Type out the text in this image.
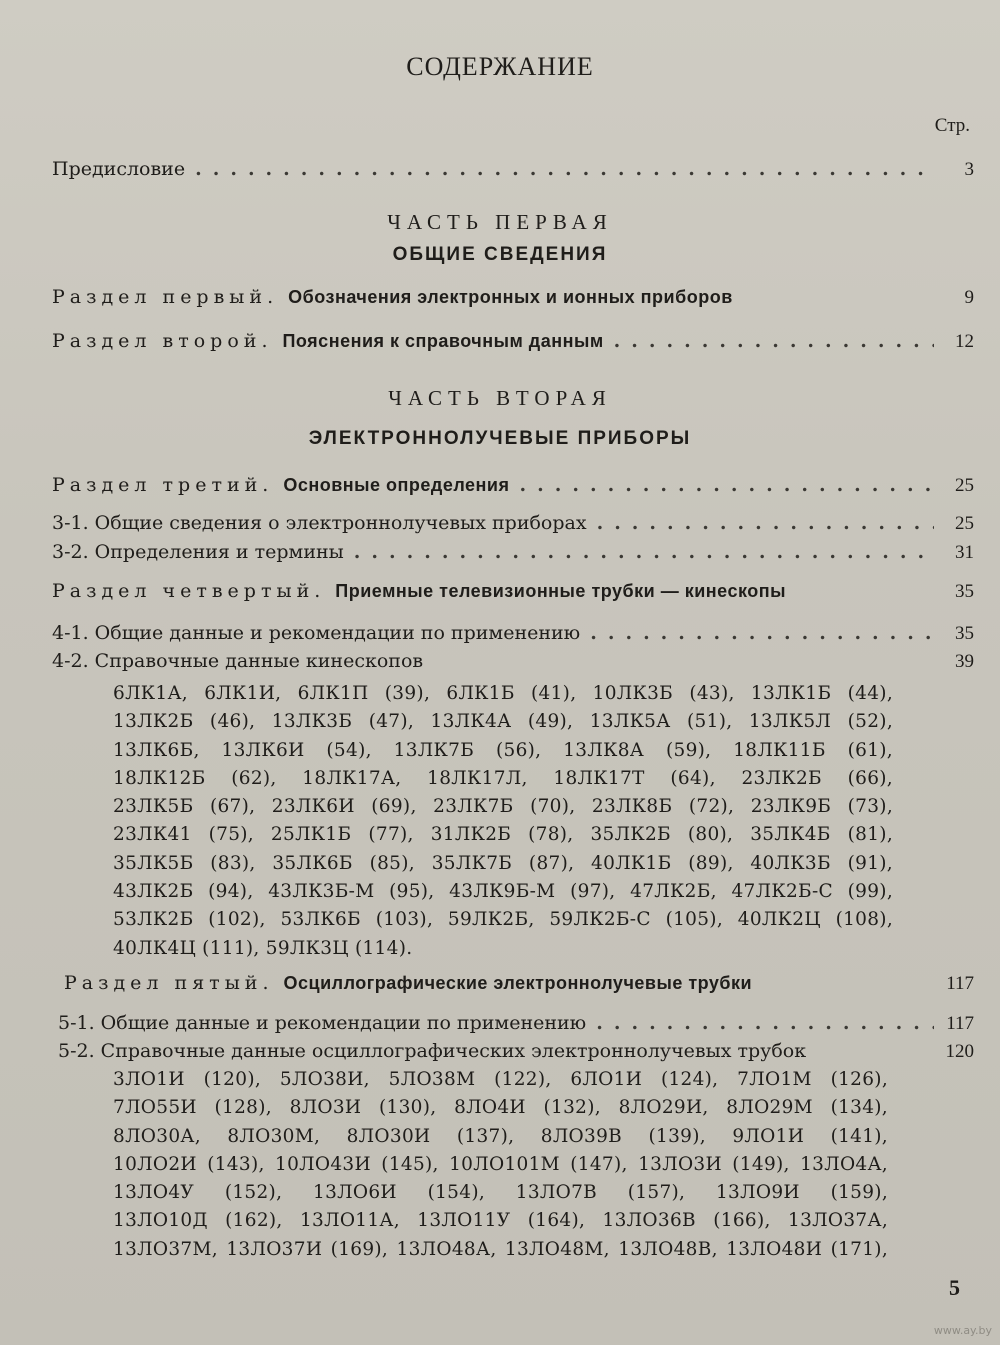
СОДЕРЖАНИЕ
Стр.
Предисловие .....	3
ЧАСТЬ ПЕРВАЯ
ОБЩИЕ СВЕДЕНИЯ
Раздел первый. Обозначения электронных и ионных приборов	9
Раздел второй. Пояснения к справочным данным .....	12
ЧАСТЬ ВТОРАЯ
ЭЛЕКТРОННОЛУЧЕВЫЕ ПРИБОРЫ
Раздел третий. Основные определения .....	25
3-1. Общие сведения о электроннолучевых приборах .....	25
3-2. Определения и термины .....	31
Раздел четвертый. Приемные телевизионные трубки — кинескопы	35
4-1. Общие данные и рекомендации по применению .....	35
4-2. Справочные данные кинескопов	39
6ЛК1А, 6ЛК1И, 6ЛК1П (39), 6ЛК1Б (41), 10ЛК3Б (43), 13ЛК1Б (44),
13ЛК2Б (46), 13ЛК3Б (47), 13ЛК4А (49), 13ЛК5А (51), 13ЛК5Л (52),
13ЛК6Б, 13ЛК6И (54), 13ЛК7Б (56), 13ЛК8А (59), 18ЛК11Б (61),
18ЛК12Б (62), 18ЛК17А, 18ЛК17Л, 18ЛК17Т (64), 23ЛК2Б (66),
23ЛК5Б (67), 23ЛК6И (69), 23ЛК7Б (70), 23ЛК8Б (72), 23ЛК9Б (73),
23ЛК41 (75), 25ЛК1Б (77), 31ЛК2Б (78), 35ЛК2Б (80), 35ЛК4Б (81),
35ЛК5Б (83), 35ЛК6Б (85), 35ЛК7Б (87), 40ЛК1Б (89), 40ЛК3Б (91),
43ЛК2Б (94), 43ЛК3Б-М (95), 43ЛК9Б-М (97), 47ЛК2Б, 47ЛК2Б-С (99),
53ЛК2Б (102), 53ЛК6Б (103), 59ЛК2Б, 59ЛК2Б-С (105), 40ЛК2Ц (108),
40ЛК4Ц (111), 59ЛК3Ц (114).
Раздел пятый. Осциллографические электроннолучевые трубки	117
5-1. Общие данные и рекомендации по применению .....	117
5-2. Справочные данные осциллографических электроннолучевых трубок	120
3ЛО1И (120), 5ЛО38И, 5ЛО38М (122), 6ЛО1И (124), 7ЛО1М (126),
7ЛО55И (128), 8ЛО3И (130), 8ЛО4И (132), 8ЛО29И, 8ЛО29М (134),
8ЛО30А, 8ЛО30М, 8ЛО30И (137), 8ЛО39В (139), 9ЛО1И (141),
10ЛО2И (143), 10ЛО43И (145), 10ЛО101М (147), 13ЛО3И (149), 13ЛО4А,
13ЛО4У (152), 13ЛО6И (154), 13ЛО7В (157), 13ЛО9И (159),
13ЛО10Д (162), 13ЛО11А, 13ЛО11У (164), 13ЛО36В (166), 13ЛО37А,
13ЛО37М, 13ЛО37И (169), 13ЛО48А, 13ЛО48М, 13ЛО48В, 13ЛО48И (171),
5
www.ay.by
